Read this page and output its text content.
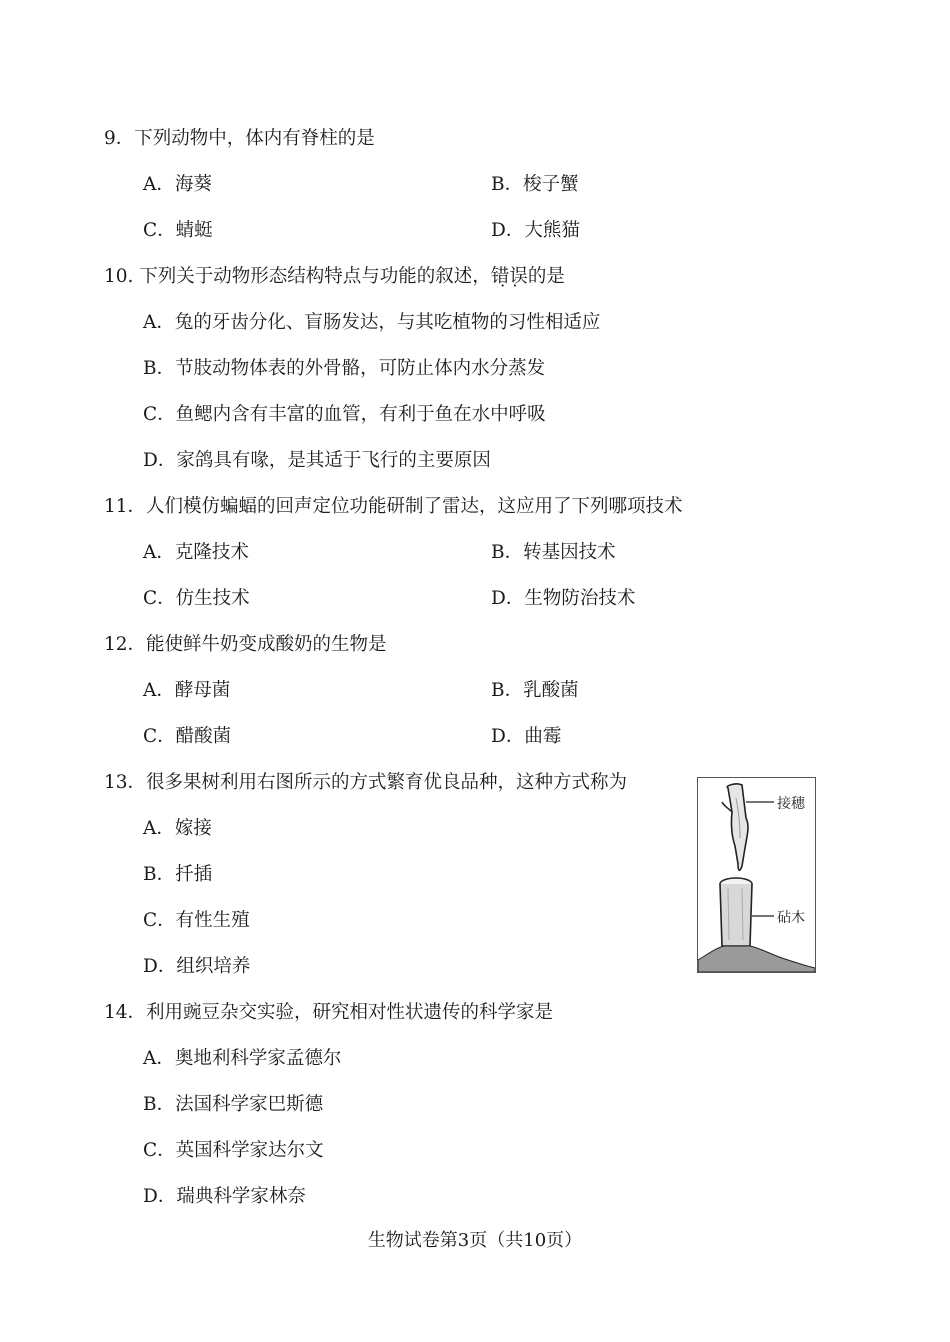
9．下列动物中，体内有脊柱的是
A．海葵	B．梭子蟹
C．蜻蜓	D．大熊猫
10. 下列关于动物形态结构特点与功能的叙述，错误 · ·的是
A．兔的牙齿分化、盲肠发达，与其吃植物的习性相适应
B．节肢动物体表的外骨骼，可防止体内水分蒸发
C．鱼鳃内含有丰富的血管，有利于鱼在水中呼吸
D．家鸽具有喙，是其适于飞行的主要原因
11．人们模仿蝙蝠的回声定位功能研制了雷达，这应用了下列哪项技术
A．克隆技术	B．转基因技术
C．仿生技术	D．生物防治技术
12．能使鲜牛奶变成酸奶的生物是
A．酵母菌	B．乳酸菌
C．醋酸菌	D．曲霉
13．很多果树利用右图所示的方式繁育优良品种，这种方式称为
A．嫁接
B．扦插
C．有性生殖
D．组织培养
接穗
砧木
14．利用豌豆杂交实验，研究相对性状遗传的科学家是
A．奥地利科学家孟德尔
B．法国科学家巴斯德
C．英国科学家达尔文
D．瑞典科学家林奈
生物试卷第3页（共10页）
